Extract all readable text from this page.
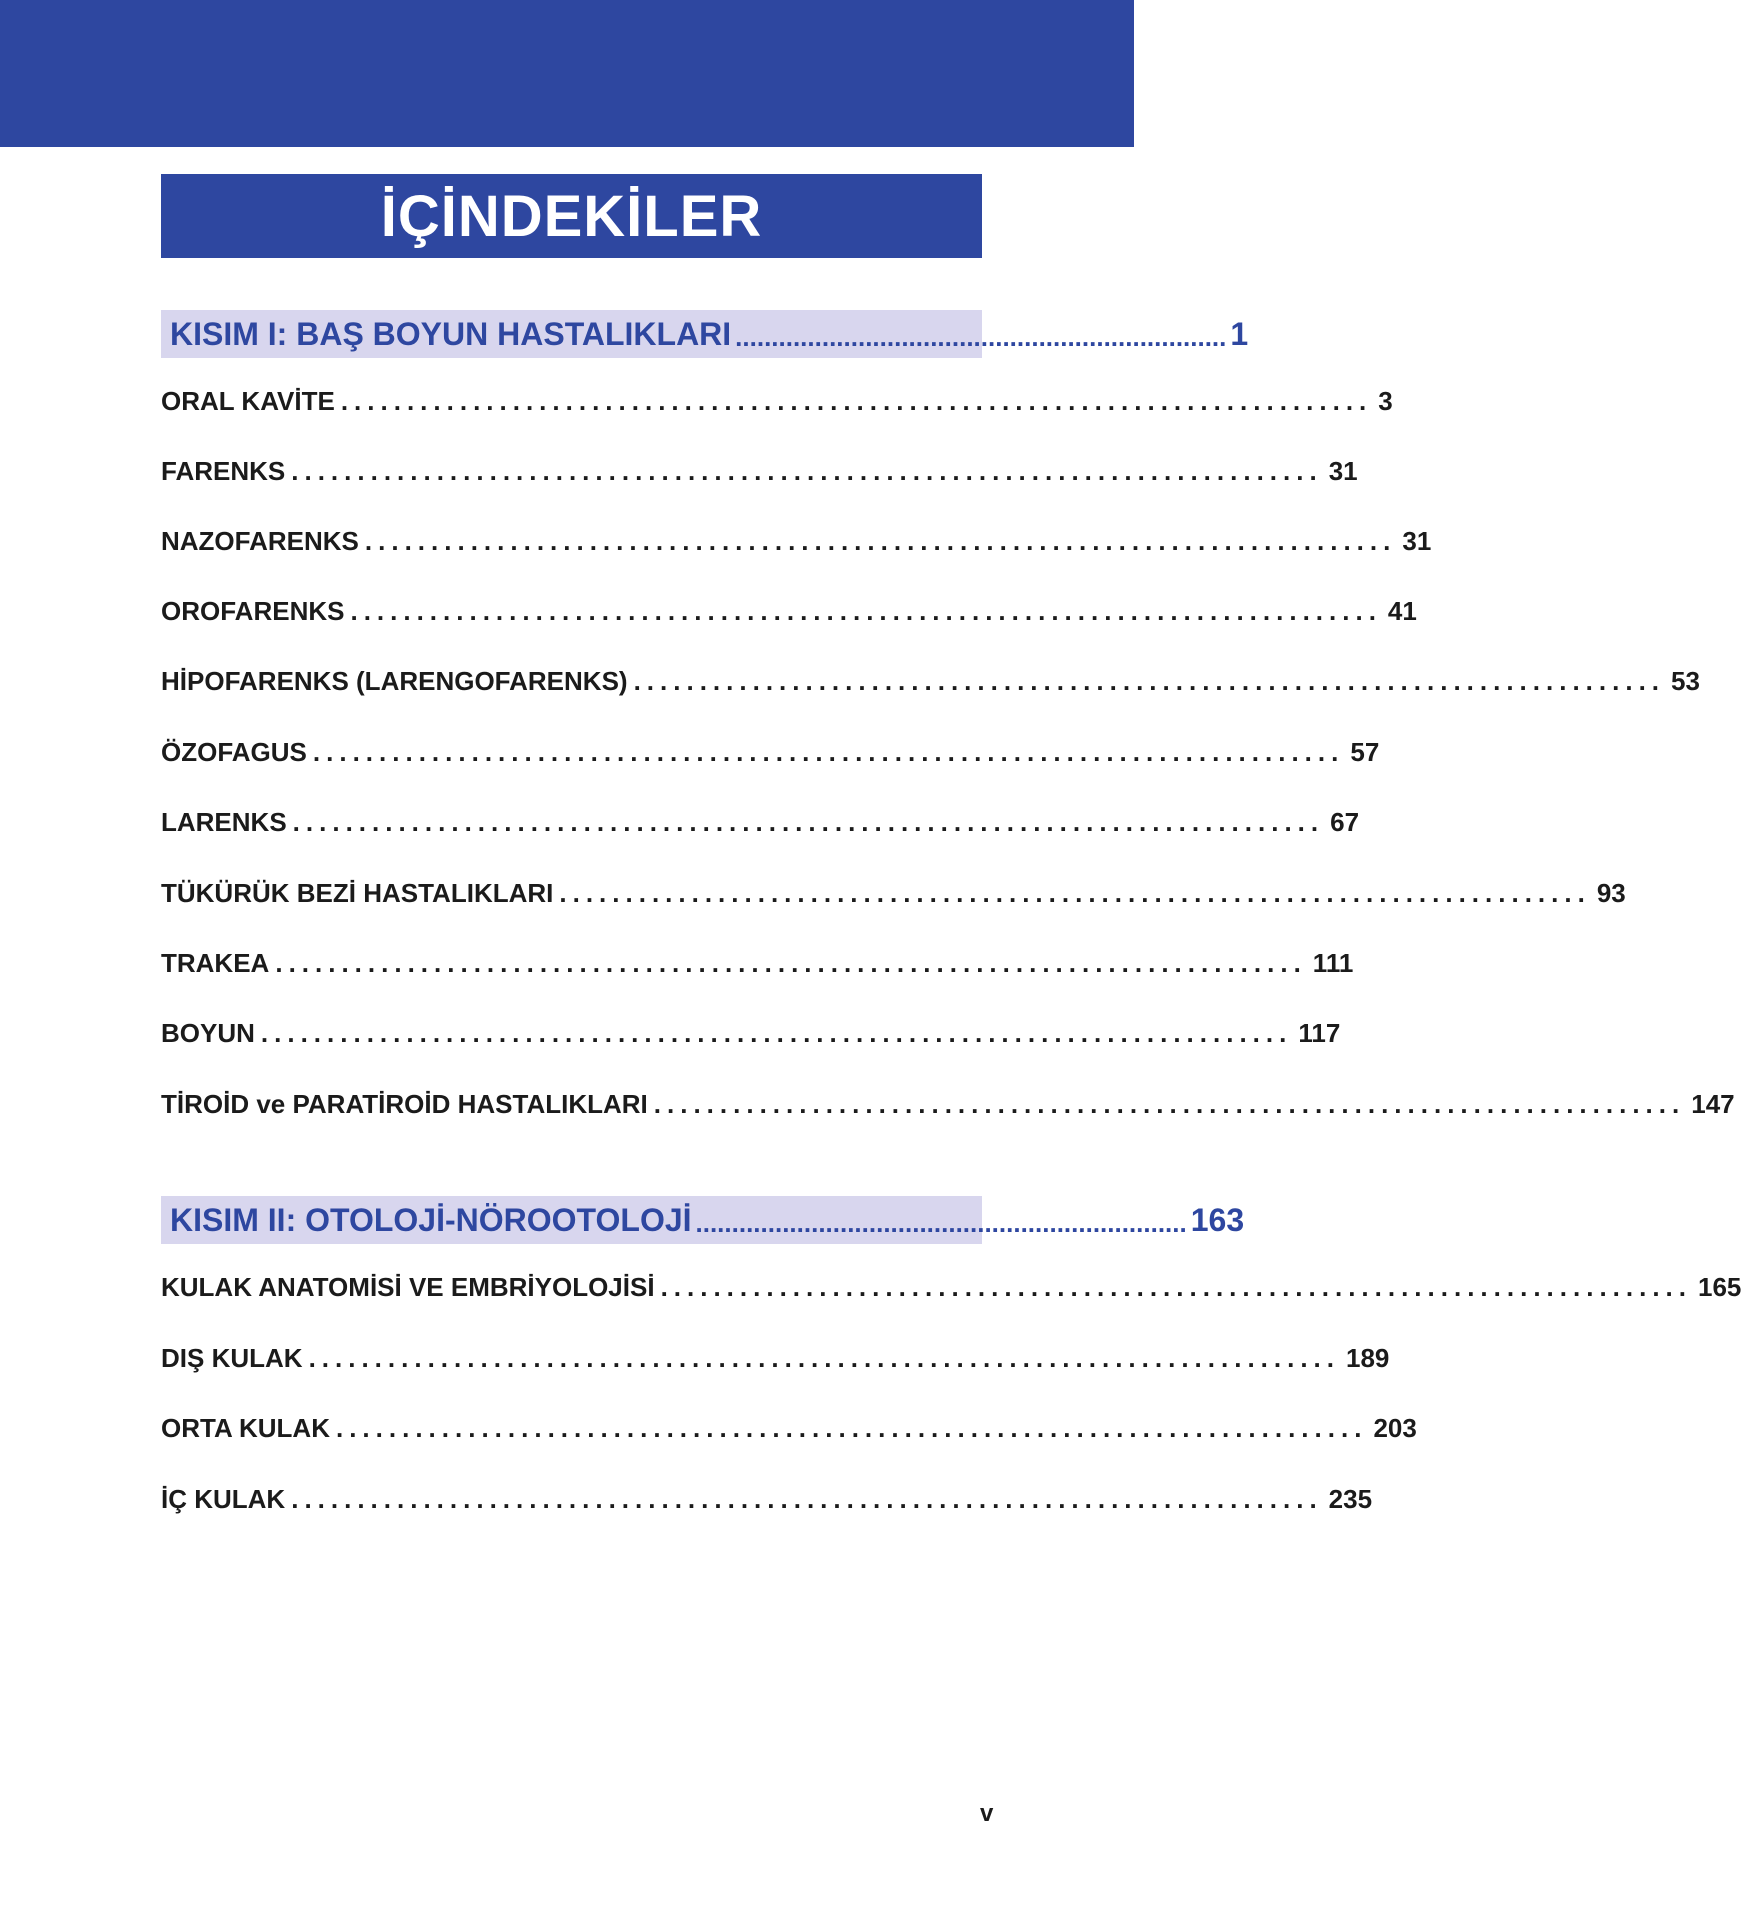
İÇİNDEKİLER
KISIM I: BAŞ BOYUN HASTALIKLARI .................................................................... 1
ORAL KAVİTE .............................................................................. 3
FARENKS .............................................................................. 31
NAZOFARENKS .............................................................................. 31
OROFARENKS .............................................................................. 41
HİPOFARENKS (LARENGOFARENKS) .............................................................................. 53
ÖZOFAGUS .............................................................................. 57
LARENKS .............................................................................. 67
TÜKÜRÜK BEZİ HASTALIKLARI .............................................................................. 93
TRAKEA .............................................................................. 111
BOYUN .............................................................................. 117
TİROİD ve PARATİROİD HASTALIKLARI .............................................................................. 147
KISIM II: OTOLOJİ-NÖROOTOLOJİ .................................................................... 163
KULAK ANATOMİSİ VE EMBRİYOLOJİSİ .............................................................................. 165
DIŞ KULAK .............................................................................. 189
ORTA KULAK .............................................................................. 203
İÇ KULAK .............................................................................. 235
v
